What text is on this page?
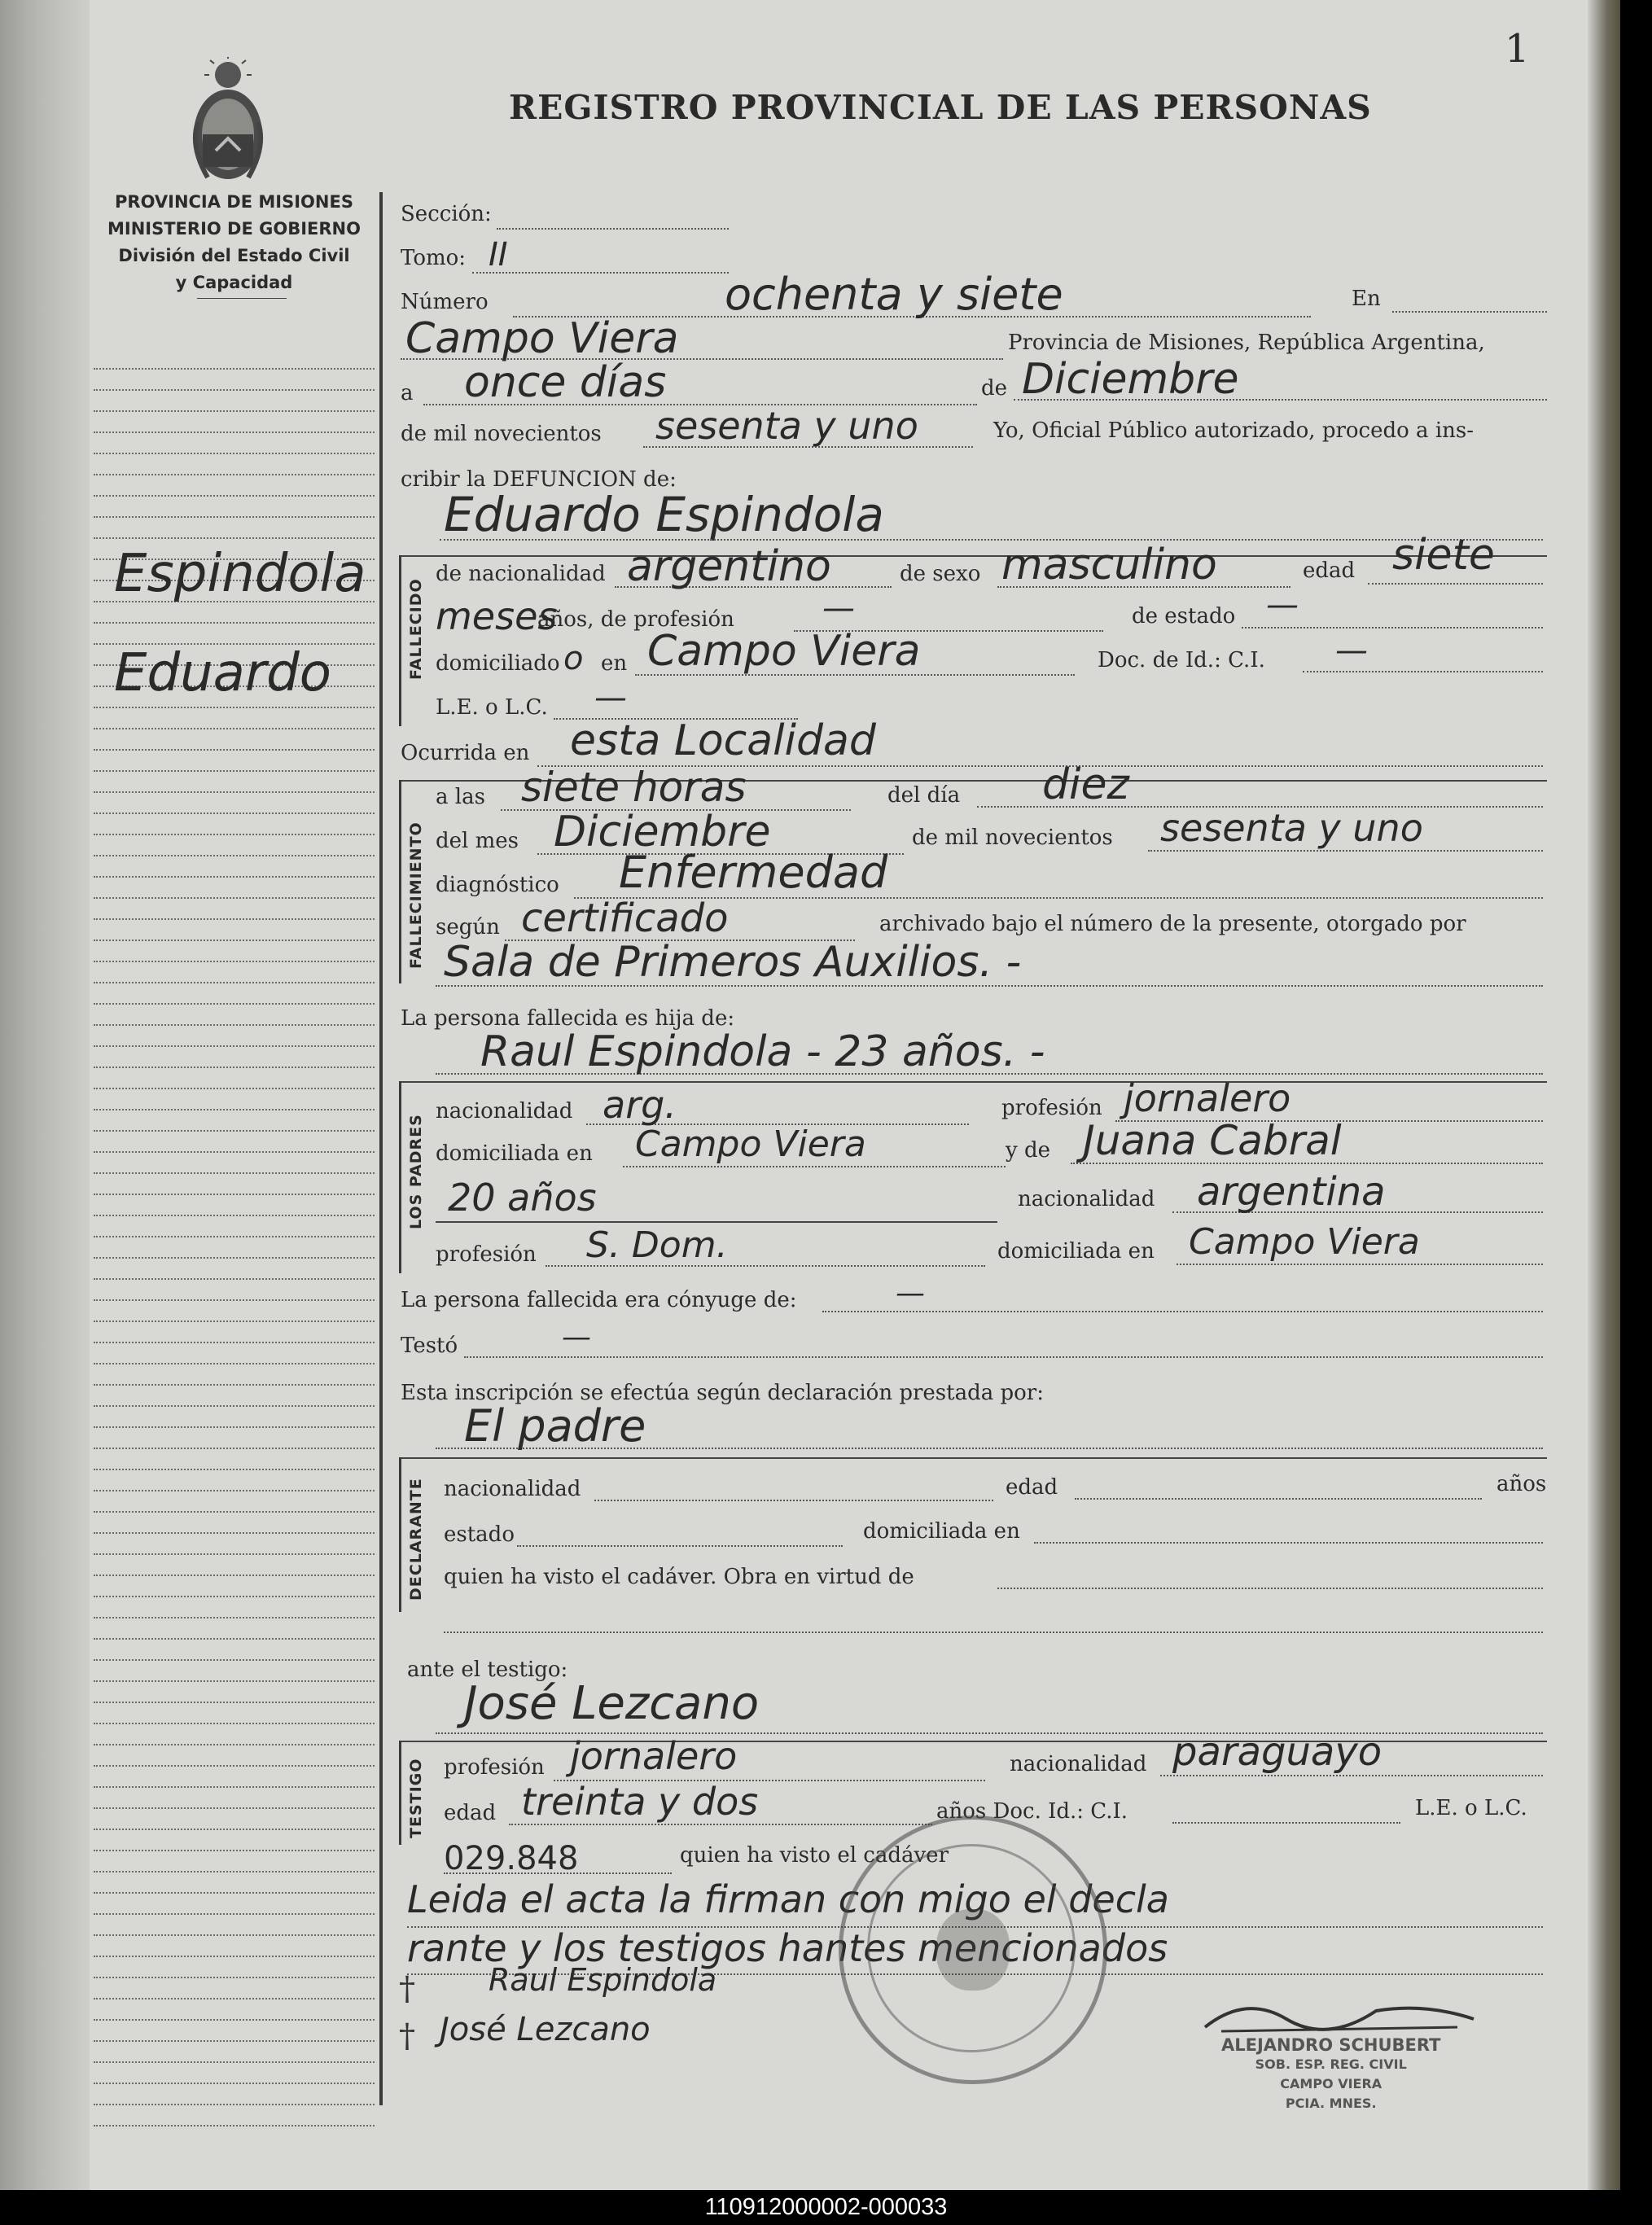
1
PROVINCIA DE MISIONES
MINISTERIO DE GOBIERNO
División del Estado Civil
y Capacidad
REGISTRO PROVINCIAL DE LAS PERSONAS
Espindola
Eduardo
Sección:
Tomo: II
Número	ochenta y siete	En
Campo Viera	Provincia de Misiones, República Argentina,
a once días	de Diciembre
de mil novecientos sesenta y uno	Yo, Oficial Público autorizado, procedo a ins-
cribir la DEFUNCION de:
FALLECIDO
Eduardo Espindola
de nacionalidad argentino	de sexo masculino	edad siete
meses
años, de profesión	—	de estado —
domiciliado o en Campo Viera	Doc. de Id.: C.I. —
L.E. o L.C. —
Ocurrida en esta Localidad
FALLECIMIENTO
a las siete horas	del día diez
del mes Diciembre	de mil novecientos sesenta y uno
diagnóstico Enfermedad
según certificado	archivado bajo el número de la presente, otorgado por
Sala de Primeros Auxilios. -
La persona fallecida es hija de:
Raul Espindola - 23 años. -
LOS PADRES
nacionalidad arg.	profesión jornalero
domiciliada en Campo Viera	y de Juana Cabral
20 años	nacionalidad argentina
profesión S. Dom.	domiciliada en Campo Viera
La persona fallecida era cónyuge de:	—
Testó	—
Esta inscripción se efectúa según declaración prestada por:
El padre
DECLARANTE nacionalidad	edad	años
estado	domiciliada en
quien ha visto el cadáver. Obra en virtud de
ante el testigo:
José Lezcano
TESTIGO profesión jornalero	nacionalidad paraguayo
edad treinta y dos	años Doc. Id.: C.I.	L.E. o L.C.
029.848	quien ha visto el cadáver
Leida el acta la firman con migo el decla
rante y los testigos hantes mencionados
Raul Espindola
José Lezcano
†
†	ALEJANDRO SCHUBERT
SOB. ESP. REG. CIVIL
CAMPO VIERA
PCIA. MNES.
110912000002-000033
